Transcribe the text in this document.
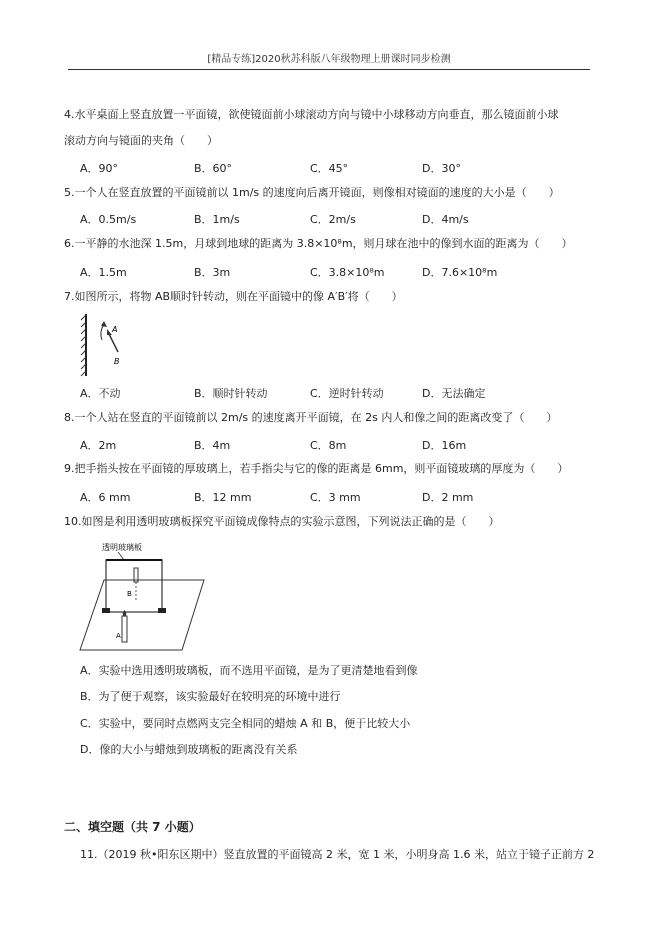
[精品专练]2020秋苏科版八年级物理上册课时同步检测
4.水平桌面上竖直放置一平面镜，欲使镜面前小球滚动方向与镜中小球移动方向垂直，那么镜面前小球
滚动方向与镜面的夹角（　　）
A．90°	B．60°	C．45°	D．30°
5.一个人在竖直放置的平面镜前以 1m/s 的速度向后离开镜面，则像相对镜面的速度的大小是（　　）
A．0.5m/s	B．1m/s	C．2m/s	D．4m/s
6.一平静的水池深 1.5m，月球到地球的距离为 3.8×10⁸m，则月球在池中的像到水面的距离为（　　）
A．1.5m	B．3m	C．3.8×10⁸m	D．7.6×10⁸m
7.如图所示，将物 AB顺时针转动，则在平面镜中的像 A′B′将（　　）
A
B
A．不动	B．顺时针转动	C．逆时针转动	D．无法确定
8.一个人站在竖直的平面镜前以 2m/s 的速度离开平面镜，在 2s 内人和像之间的距离改变了（　　）
A．2m	B．4m	C．8m	D．16m
9.把手指头按在平面镜的厚玻璃上，若手指尖与它的像的距离是 6mm，则平面镜玻璃的厚度为（　　）
A．6 mm	B．12 mm	C．3 mm	D．2 mm
10.如图是利用透明玻璃板探究平面镜成像特点的实验示意图，下列说法正确的是（　　）
透明玻璃板
B
A
A．实验中选用透明玻璃板，而不选用平面镜，是为了更清楚地看到像
B．为了便于观察，该实验最好在较明亮的环境中进行
C．实验中，要同时点燃两支完全相同的蜡烛 A 和 B，便于比较大小
D．像的大小与蜡烛到玻璃板的距离没有关系
二、填空题（共 7 小题）
11.（2019 秋•阳东区期中）竖直放置的平面镜高 2 米，宽 1 米，小明身高 1.6 米，站立于镜子正前方 2
